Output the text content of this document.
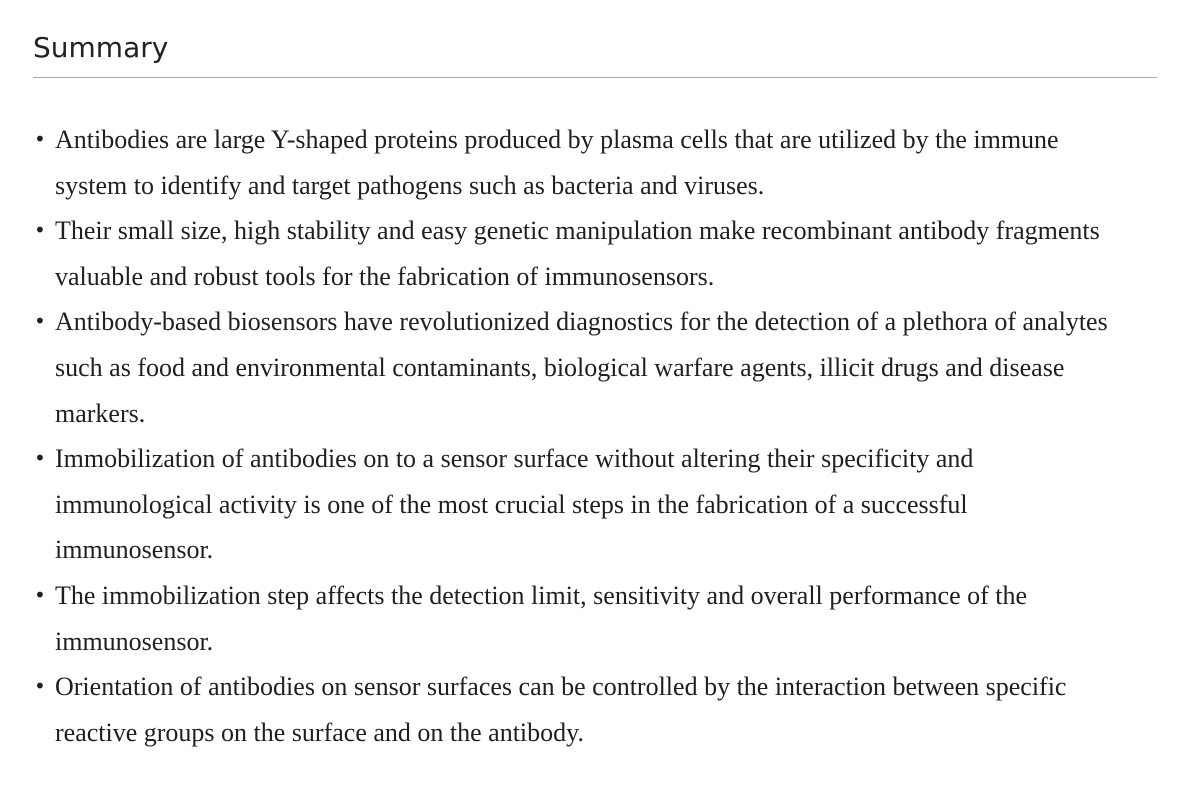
Summary
• Antibodies are large Y-shaped proteins produced by plasma cells that are utilized by the immune system to identify and target pathogens such as bacteria and viruses.
• Their small size, high stability and easy genetic manipulation make recombinant antibody fragments valuable and robust tools for the fabrication of immunosensors.
• Antibody-based biosensors have revolutionized diagnostics for the detection of a plethora of analytes such as food and environmental contaminants, biological warfare agents, illicit drugs and disease markers.
• Immobilization of antibodies on to a sensor surface without altering their specificity and immunological activity is one of the most crucial steps in the fabrication of a successful immunosensor.
• The immobilization step affects the detection limit, sensitivity and overall performance of the immunosensor.
• Orientation of antibodies on sensor surfaces can be controlled by the interaction between specific reactive groups on the surface and on the antibody.
